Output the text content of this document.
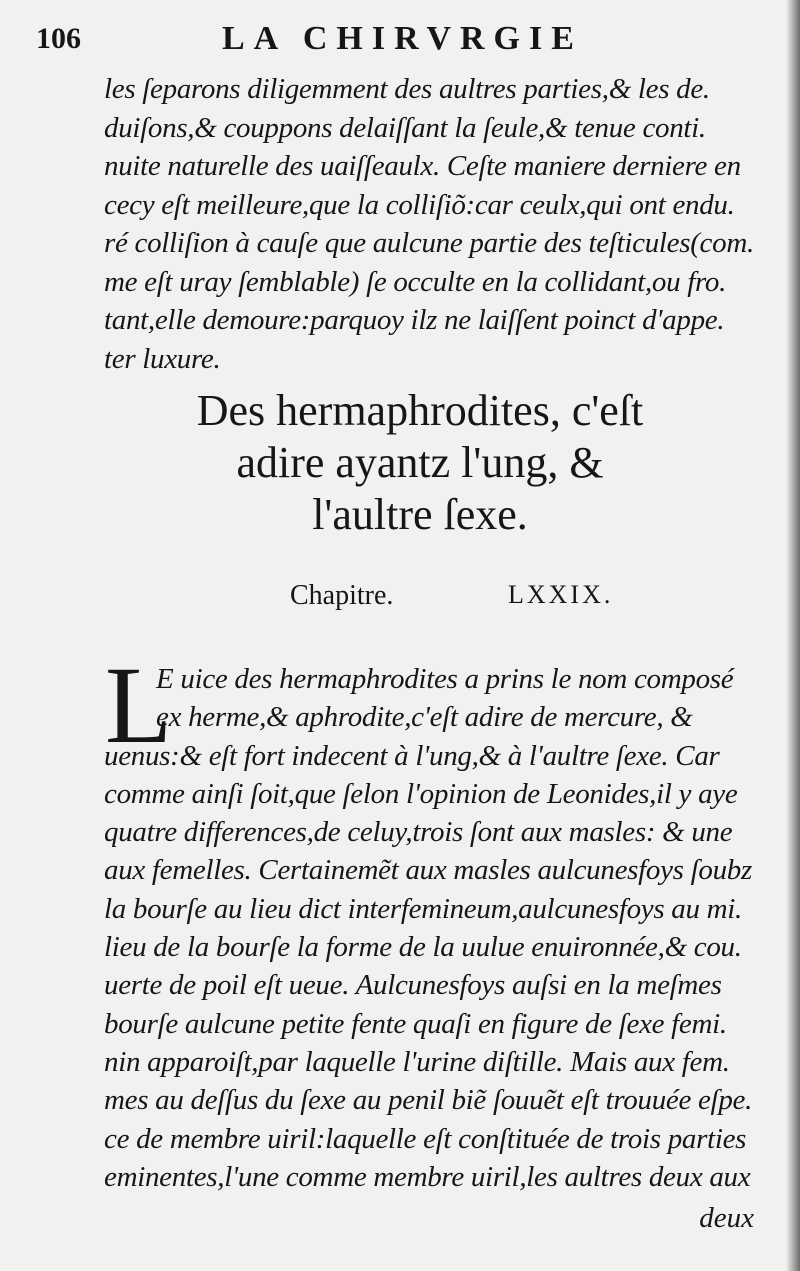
106	LA CHIRVRGIE
les ſeparons diligemment des aultres parties,& les de.
duiſons,& couppons delaiſſant la ſeule,& tenue conti.
nuite naturelle des uaiſſeaulx. Ceſte maniere derniere en
cecy eſt meilleure,que la colliſiõ:car ceulx,qui ont endu.
ré colliſion à cauſe que aulcune partie des teſticules(com.
me eſt uray ſemblable) ſe occulte en la collidant,ou fro.
tant,elle demoure:parquoy ilz ne laiſſent poinct d'appe.
ter luxure.
Des hermaphrodites, c'eſt
adire ayantz l'ung, &
l'aultre ſexe.
Chapitre.	LXXIX.
L
E uice des hermaphrodites a prins le nom composé
ex herme,& aphrodite,c'eſt adire de mercure, &
uenus:& eſt fort indecent à l'ung,& à l'aultre ſexe. Car
comme ainſi ſoit,que ſelon l'opinion de Leonides,il y aye
quatre differences,de celuy,trois ſont aux masles: & une
aux femelles. Certainemẽt aux masles aulcunesfoys ſoubz
la bourſe au lieu dict interfemineum,aulcunesfoys au mi.
lieu de la bourſe la forme de la uulue enuironnée,& cou.
uerte de poil eſt ueue. Aulcunesfoys auſsi en la meſmes
bourſe aulcune petite fente quaſi en figure de ſexe femi.
nin apparoiſt,par laquelle l'urine diſtille. Mais aux fem.
mes au deſſus du ſexe au penil biẽ ſouuẽt eſt trouuée eſpe.
ce de membre uiril:laquelle eſt conſtituée de trois parties
eminentes,l'une comme membre uiril,les aultres deux aux
deux
